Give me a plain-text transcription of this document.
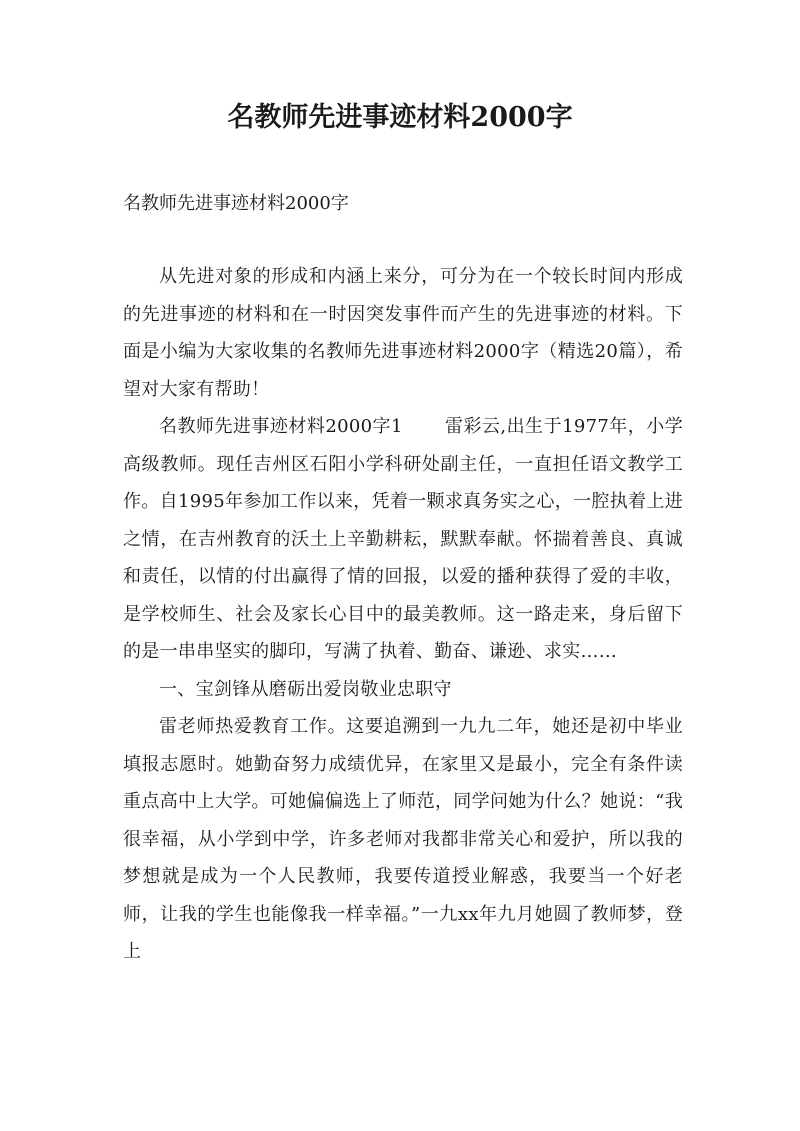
名教师先进事迹材料2000字
名教师先进事迹材料2000字

从先进对象的形成和内涵上来分，可分为在一个较长时间内形成的先进事迹的材料和在一时因突发事件而产生的先进事迹的材料。下面是小编为大家收集的名教师先进事迹材料2000字（精选20篇），希望对大家有帮助！

名教师先进事迹材料2000字1 雷彩云,出生于1977年，小学高级教师。现任吉州区石阳小学科研处副主任，一直担任语文教学工作。自1995年参加工作以来，凭着一颗求真务实之心，一腔执着上进之情，在吉州教育的沃土上辛勤耕耘，默默奉献。怀揣着善良、真诚和责任，以情的付出赢得了情的回报，以爱的播种获得了爱的丰收，是学校师生、社会及家长心目中的最美教师。这一路走来，身后留下的是一串串坚实的脚印，写满了执着、勤奋、谦逊、求实……

一、宝剑锋从磨砺出爱岗敬业忠职守

雷老师热爱教育工作。这要追溯到一九九二年，她还是初中毕业填报志愿时。她勤奋努力成绩优异，在家里又是最小，完全有条件读重点高中上大学。可她偏偏选上了师范，同学问她为什么？她说：“我很幸福，从小学到中学，许多老师对我都非常关心和爱护，所以我的梦想就是成为一个人民教师，我要传道授业解惑，我要当一个好老师，让我的学生也能像我一样幸福。”一九xx年九月她圆了教师梦，登上
